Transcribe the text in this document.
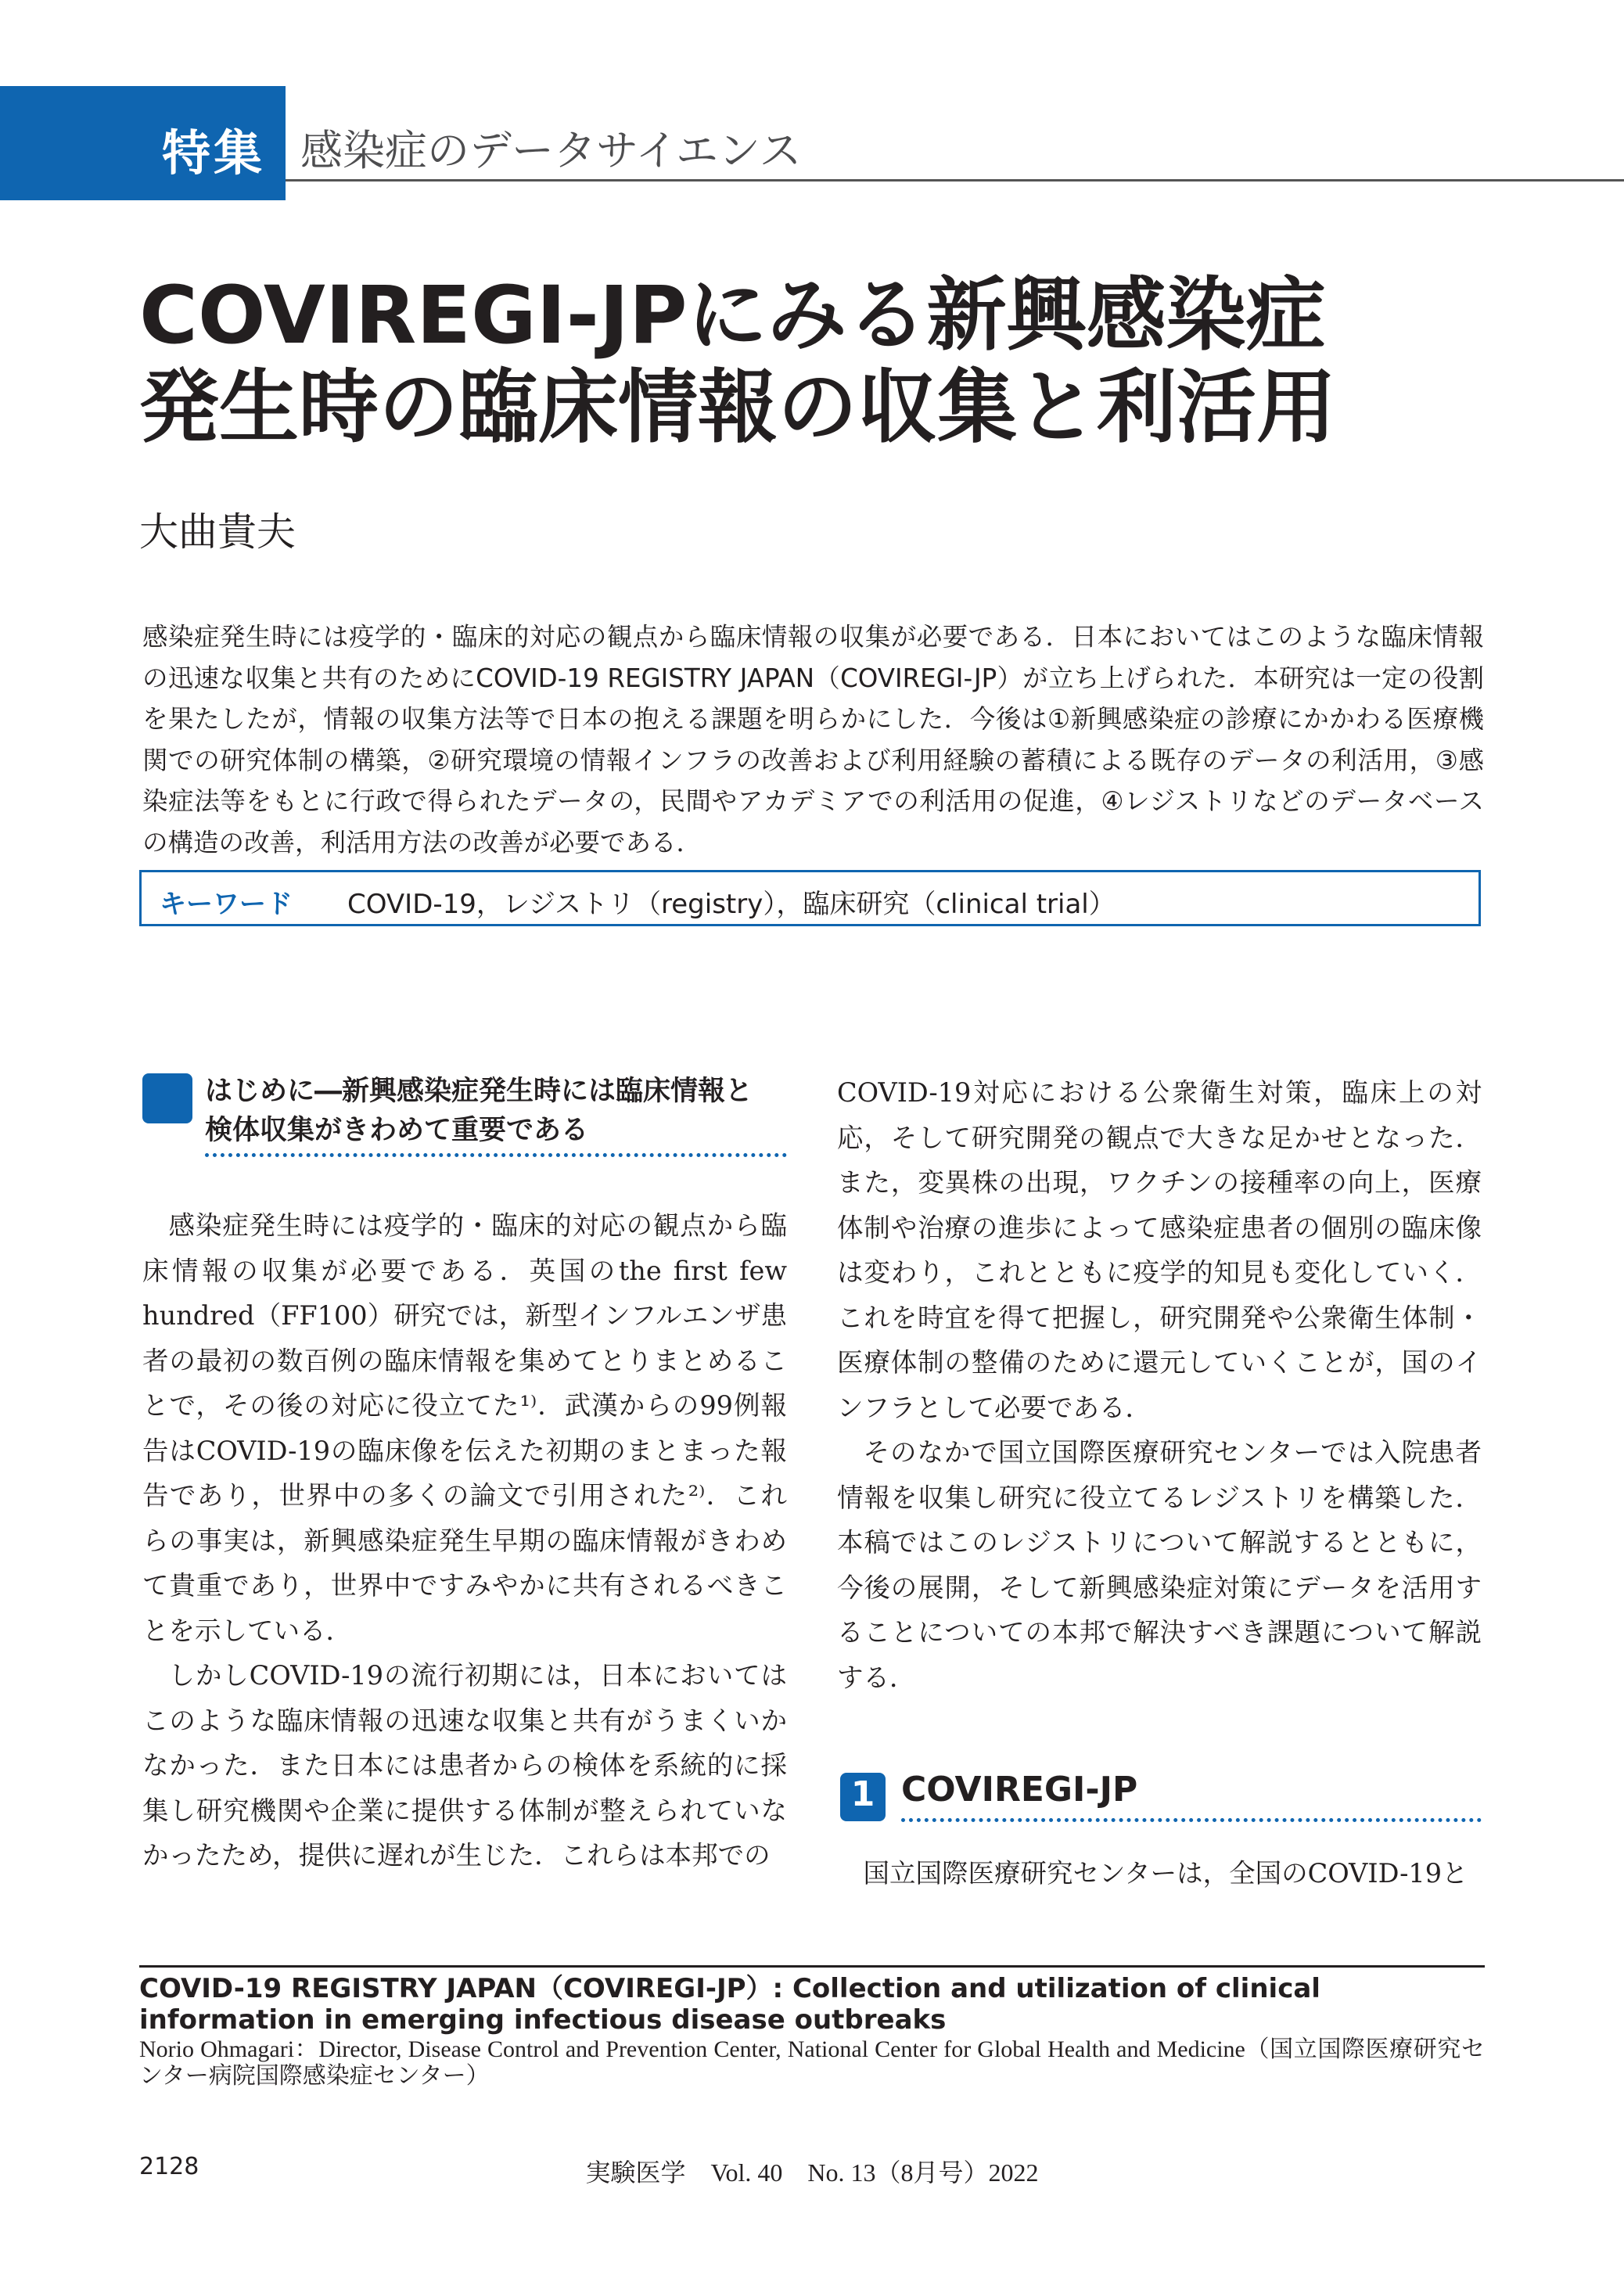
特集 感染症のデータサイエンス
COVIREGI-JPにみる新興感染症
発生時の臨床情報の収集と利活用
大曲貴夫
感染症発生時には疫学的・臨床的対応の観点から臨床情報の収集が必要である．日本においてはこのような臨床情報の迅速な収集と共有のためにCOVID-19 REGISTRY JAPAN（COVIREGI-JP）が立ち上げられた．本研究は一定の役割を果たしたが，情報の収集方法等で日本の抱える課題を明らかにした．今後は①新興感染症の診療にかかわる医療機関での研究体制の構築，②研究環境の情報インフラの改善および利用経験の蓄積による既存のデータの利活用，③感染症法等をもとに行政で得られたデータの，民間やアカデミアでの利活用の促進，④レジストリなどのデータベースの構造の改善，利活用方法の改善が必要である．
キーワード COVID-19，レジストリ（registry），臨床研究（clinical trial）
はじめに―新興感染症発生時には臨床情報と
検体収集がきわめて重要である

感染症発生時には疫学的・臨床的対応の観点から臨床情報の収集が必要である．英国のthe first few hundred（FF100）研究では，新型インフルエンザ患者の最初の数百例の臨床情報を集めてとりまとめることで，その後の対応に役立てた¹⁾．武漢からの99例報告はCOVID-19の臨床像を伝えた初期のまとまった報告であり，世界中の多くの論文で引用された²⁾．これらの事実は，新興感染症発生早期の臨床情報がきわめて貴重であり，世界中ですみやかに共有されるべきことを示している．

しかしCOVID-19の流行初期には，日本においてはこのような臨床情報の迅速な収集と共有がうまくいかなかった．また日本には患者からの検体を系統的に採集し研究機関や企業に提供する体制が整えられていなかったため，提供に遅れが生じた．これらは本邦での

COVID-19対応における公衆衛生対策，臨床上の対応，そして研究開発の観点で大きな足かせとなった．また，変異株の出現，ワクチンの接種率の向上，医療体制や治療の進歩によって感染症患者の個別の臨床像は変わり，これとともに疫学的知見も変化していく．これを時宜を得て把握し，研究開発や公衆衛生体制・医療体制の整備のために還元していくことが，国のインフラとして必要である．

そのなかで国立国際医療研究センターでは入院患者情報を収集し研究に役立てるレジストリを構築した．本稿ではこのレジストリについて解説するとともに，今後の展開，そして新興感染症対策にデータを活用することについての本邦で解決すべき課題について解説する．

1 COVIREGI-JP

国立国際医療研究センターは，全国のCOVID-19と

COVID-19 REGISTRY JAPAN（COVIREGI-JP）: Collection and utilization of clinical information in emerging infectious disease outbreaks
Norio Ohmagari：Director, Disease Control and Prevention Center, National Center for Global Health and Medicine（国立国際医療研究センター病院国際感染症センター）
2128	実験医学　Vol. 40　No. 13（8月号）2022
